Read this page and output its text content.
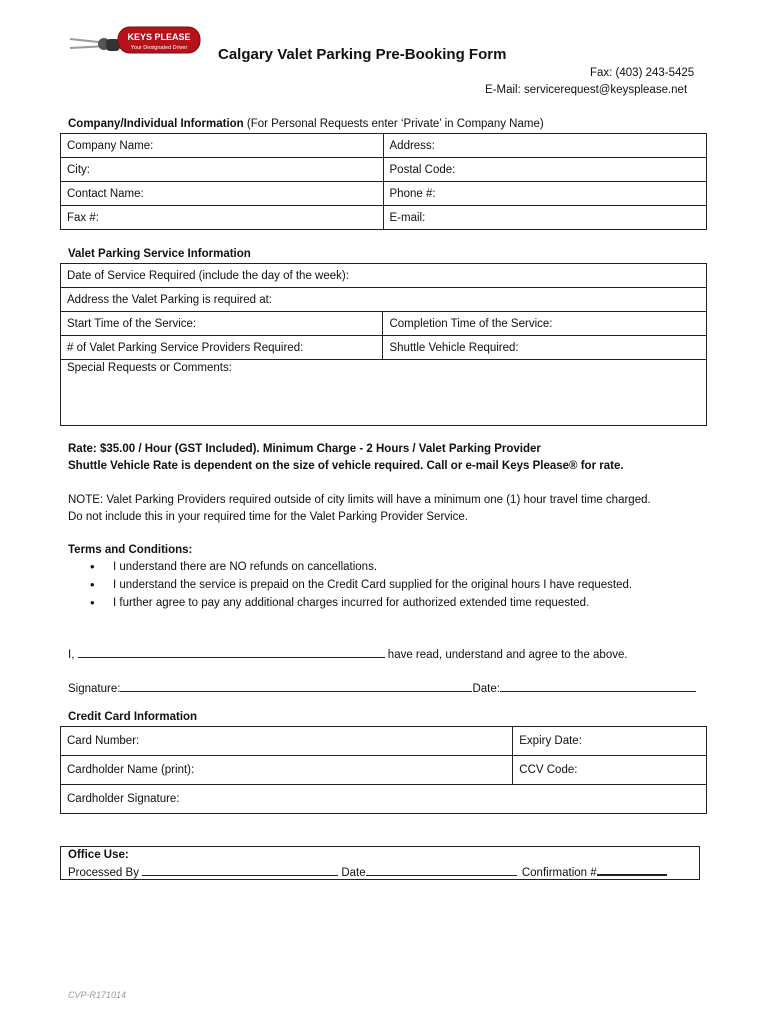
KEYS PLEASE
Your Designated Driver Calgary Valet Parking Pre-Booking Form
Fax: (403) 243-5425
E-Mail: servicerequest@keysplease.net
Company/Individual Information (For Personal Requests enter ‘Private’ in Company Name)
Company Name:	Address:
City:	Postal Code:
Contact Name:	Phone #:
Fax #:	E-mail:
Valet Parking Service Information
Date of Service Required (include the day of the week):	
Address the Valet Parking is required at:	
Start Time of the Service:	Completion Time of the Service:
# of Valet Parking Service Providers Required:	Shuttle Vehicle Required:
Special Requests or Comments:	
Rate: $35.00 / Hour (GST Included). Minimum Charge - 2 Hours / Valet Parking Provider
Shuttle Vehicle Rate is dependent on the size of vehicle required. Call or e-mail Keys Please® for rate.
NOTE: Valet Parking Providers required outside of city limits will have a minimum one (1) hour travel time charged.
Do not include this in your required time for the Valet Parking Provider Service.
Terms and Conditions:
• I understand there are NO refunds on cancellations.
• I understand the service is prepaid on the Credit Card supplied for the original hours I have requested.
• I further agree to pay any additional charges incurred for authorized extended time requested.
I,	have read, understand and agree to the above.
Signature:	Date:
Credit Card Information
Card Number:	Expiry Date:
Cardholder Name (print):	CCV Code:
Cardholder Signature:	
Office Use:
Processed By	Date	Confirmation #
CVP-R171014
